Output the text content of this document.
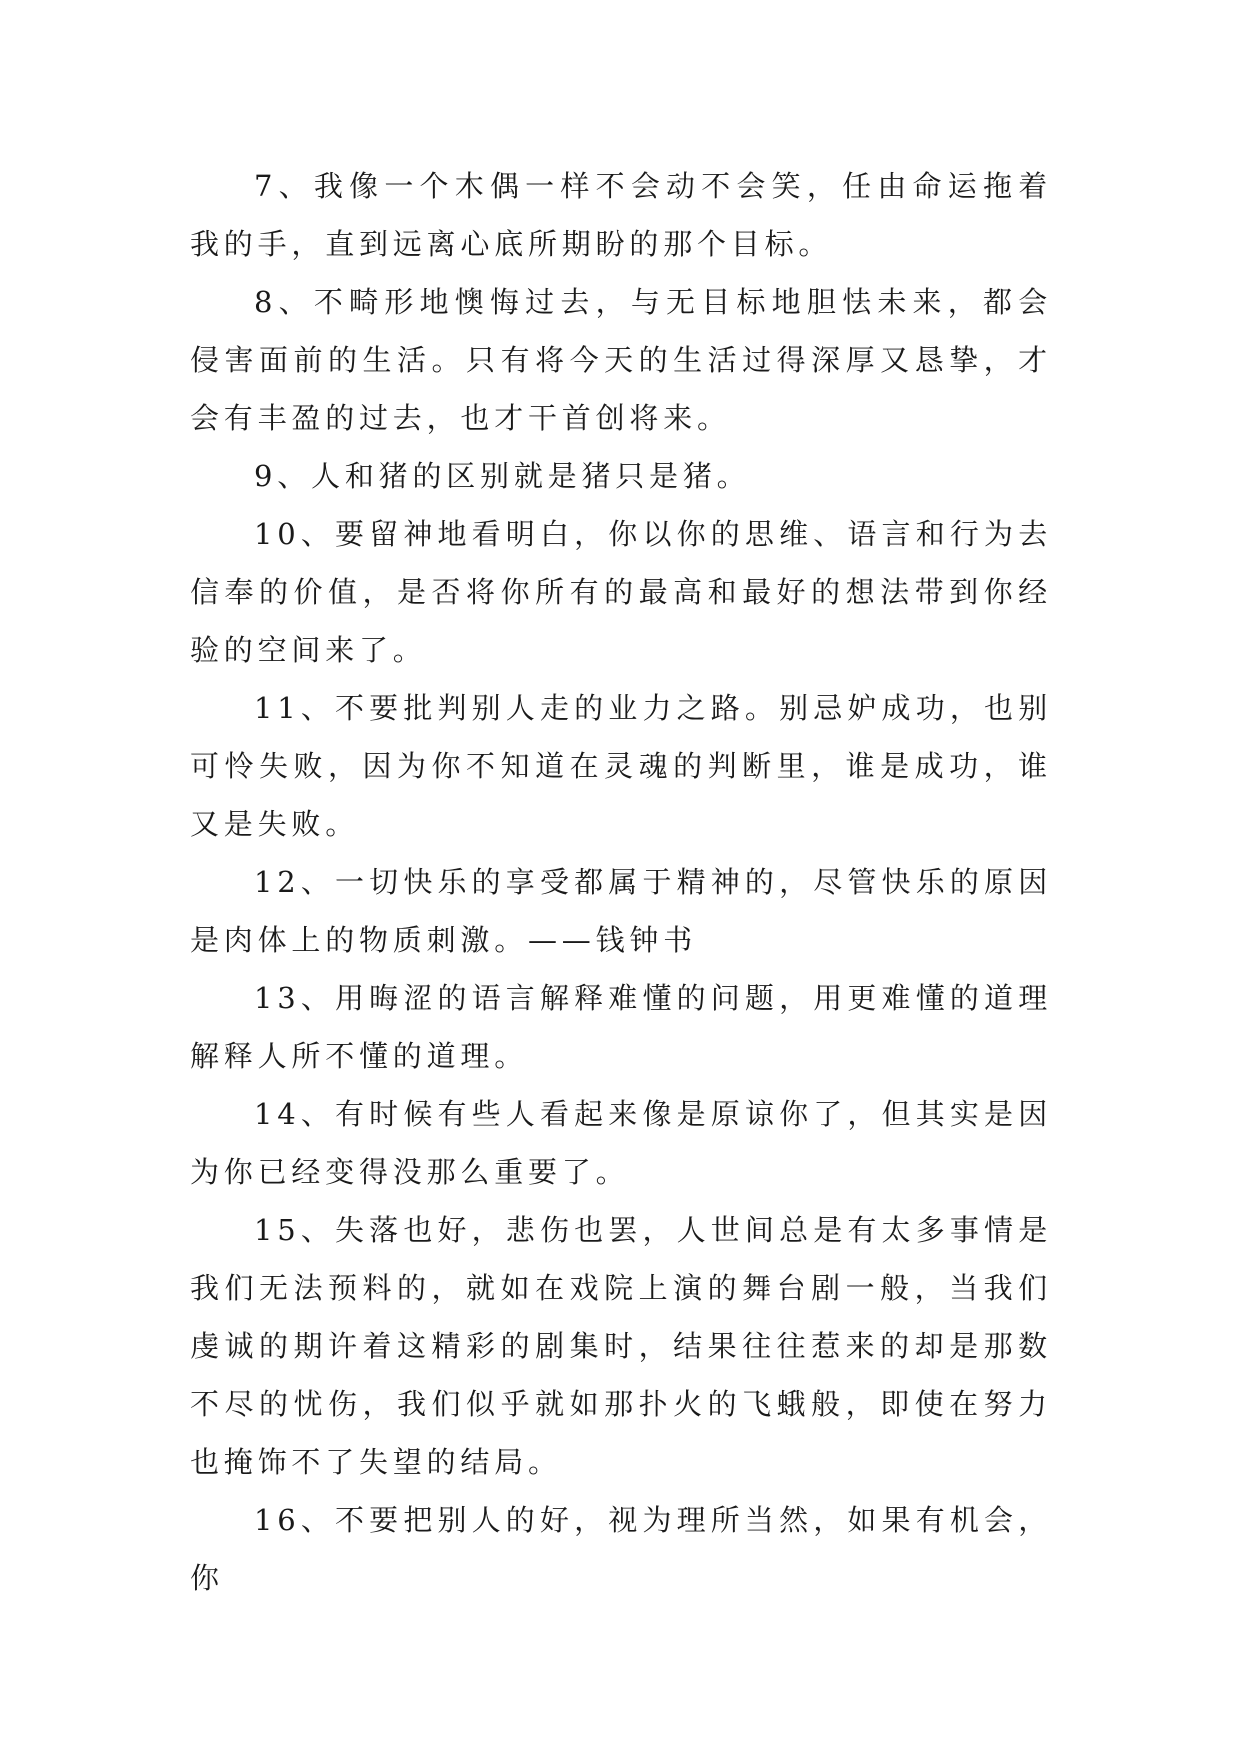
7、我像一个木偶一样不会动不会笑，任由命运拖着我的手，直到远离心底所期盼的那个目标。

8、不畸形地懊悔过去，与无目标地胆怯未来，都会侵害面前的生活。只有将今天的生活过得深厚又恳挚，才会有丰盈的过去，也才干首创将来。

9、人和猪的区别就是猪只是猪。

10、要留神地看明白，你以你的思维、语言和行为去信奉的价值，是否将你所有的最高和最好的想法带到你经验的空间来了。

11、不要批判别人走的业力之路。别忌妒成功，也别可怜失败，因为你不知道在灵魂的判断里，谁是成功，谁又是失败。

12、一切快乐的享受都属于精神的，尽管快乐的原因是肉体上的物质刺激。——钱钟书

13、用晦涩的语言解释难懂的问题，用更难懂的道理解释人所不懂的道理。

14、有时候有些人看起来像是原谅你了，但其实是因为你已经变得没那么重要了。

15、失落也好，悲伤也罢，人世间总是有太多事情是我们无法预料的，就如在戏院上演的舞台剧一般，当我们虔诚的期许着这精彩的剧集时，结果往往惹来的却是那数不尽的忧伤，我们似乎就如那扑火的飞蛾般，即使在努力也掩饰不了失望的结局。

16、不要把别人的好，视为理所当然，如果有机会，你
